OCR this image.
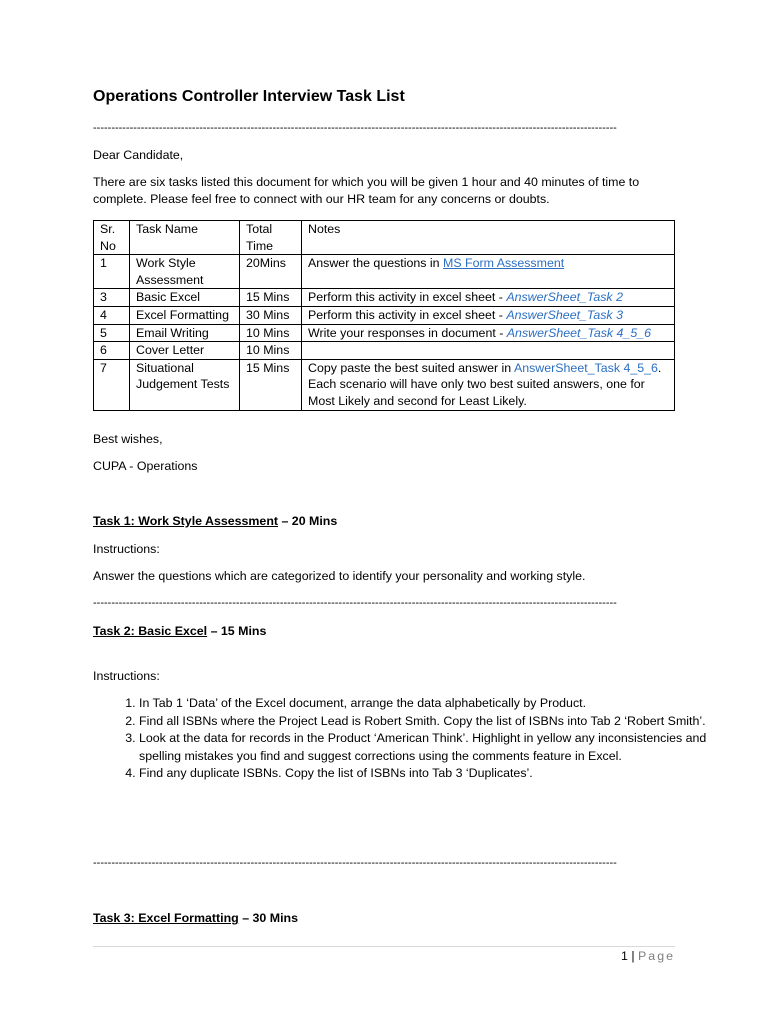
Operations Controller Interview Task List
-----------------------------------------------------------------------------------------------------------------------------------------------
Dear Candidate,
There are six tasks listed this document for which you will be given 1 hour and 40 minutes of time to complete. Please feel free to connect with our HR team for any concerns or doubts.
Sr. No	Task Name	Total Time	Notes
1	Work Style Assessment	20Mins	Answer the questions in MS Form Assessment
3	Basic Excel	15 Mins	Perform this activity in excel sheet - AnswerSheet_Task 2
4	Excel Formatting	30 Mins	Perform this activity in excel sheet - AnswerSheet_Task 3
5	Email Writing	10 Mins	Write your responses in document - AnswerSheet_Task 4_5_6
6	Cover Letter	10 Mins	
7	Situational Judgement Tests	15 Mins	Copy paste the best suited answer in AnswerSheet_Task 4_5_6. Each scenario will have only two best suited answers, one for Most Likely and second for Least Likely.
Best wishes,
CUPA - Operations
Task 1: Work Style Assessment – 20 Mins
Instructions:
Answer the questions which are categorized to identify your personality and working style.
-----------------------------------------------------------------------------------------------------------------------------------------------
Task 2: Basic Excel – 15 Mins
Instructions:
1. In Tab 1 ‘Data’ of the Excel document, arrange the data alphabetically by Product.
2. Find all ISBNs where the Project Lead is Robert Smith. Copy the list of ISBNs into Tab 2 ‘Robert Smith’.
3. Look at the data for records in the Product ‘American Think’. Highlight in yellow any inconsistencies and spelling mistakes you find and suggest corrections using the comments feature in Excel.
4. Find any duplicate ISBNs. Copy the list of ISBNs into Tab 3 ‘Duplicates’.
-----------------------------------------------------------------------------------------------------------------------------------------------
Task 3: Excel Formatting – 30 Mins
1 | Page
